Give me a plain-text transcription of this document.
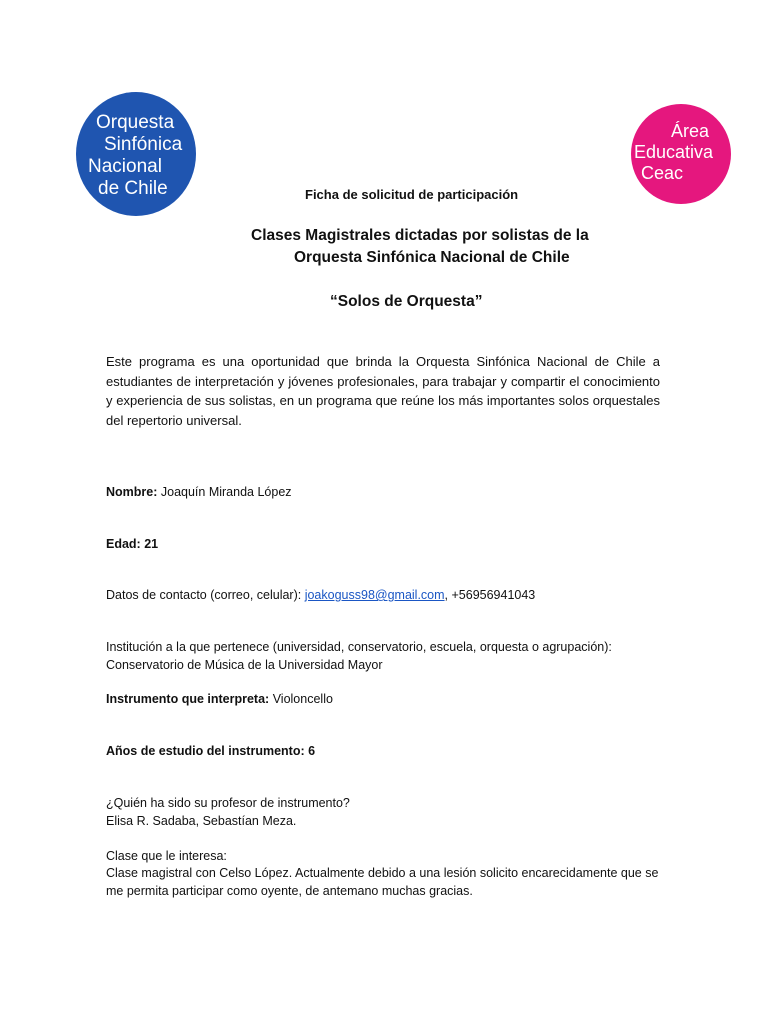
Orquesta
Sinfónica
Nacional
de Chile
Área
Educativa
Ceac
Ficha de solicitud de participación
Clases Magistrales dictadas por solistas de la
Orquesta Sinfónica Nacional de Chile
“Solos de Orquesta”
Este programa es una oportunidad que brinda la Orquesta Sinfónica Nacional de Chile a estudiantes de interpretación y jóvenes profesionales, para trabajar y compartir el conocimiento y experiencia de sus solistas, en un programa que reúne los más importantes solos orquestales del repertorio universal.
Nombre: Joaquín Miranda López
Edad: 21
Datos de contacto (correo, celular): joakoguss98@gmail.com, +56956941043
Institución a la que pertenece (universidad, conservatorio, escuela, orquesta o agrupación):
Conservatorio de Música de la Universidad Mayor
Instrumento que interpreta: Violoncello
Años de estudio del instrumento: 6
¿Quién ha sido su profesor de instrumento?
Elisa R. Sadaba, Sebastían Meza.
Clase que le interesa:
Clase magistral con Celso López. Actualmente debido a una lesión solicito encarecidamente que se
me permita participar como oyente, de antemano muchas gracias.
